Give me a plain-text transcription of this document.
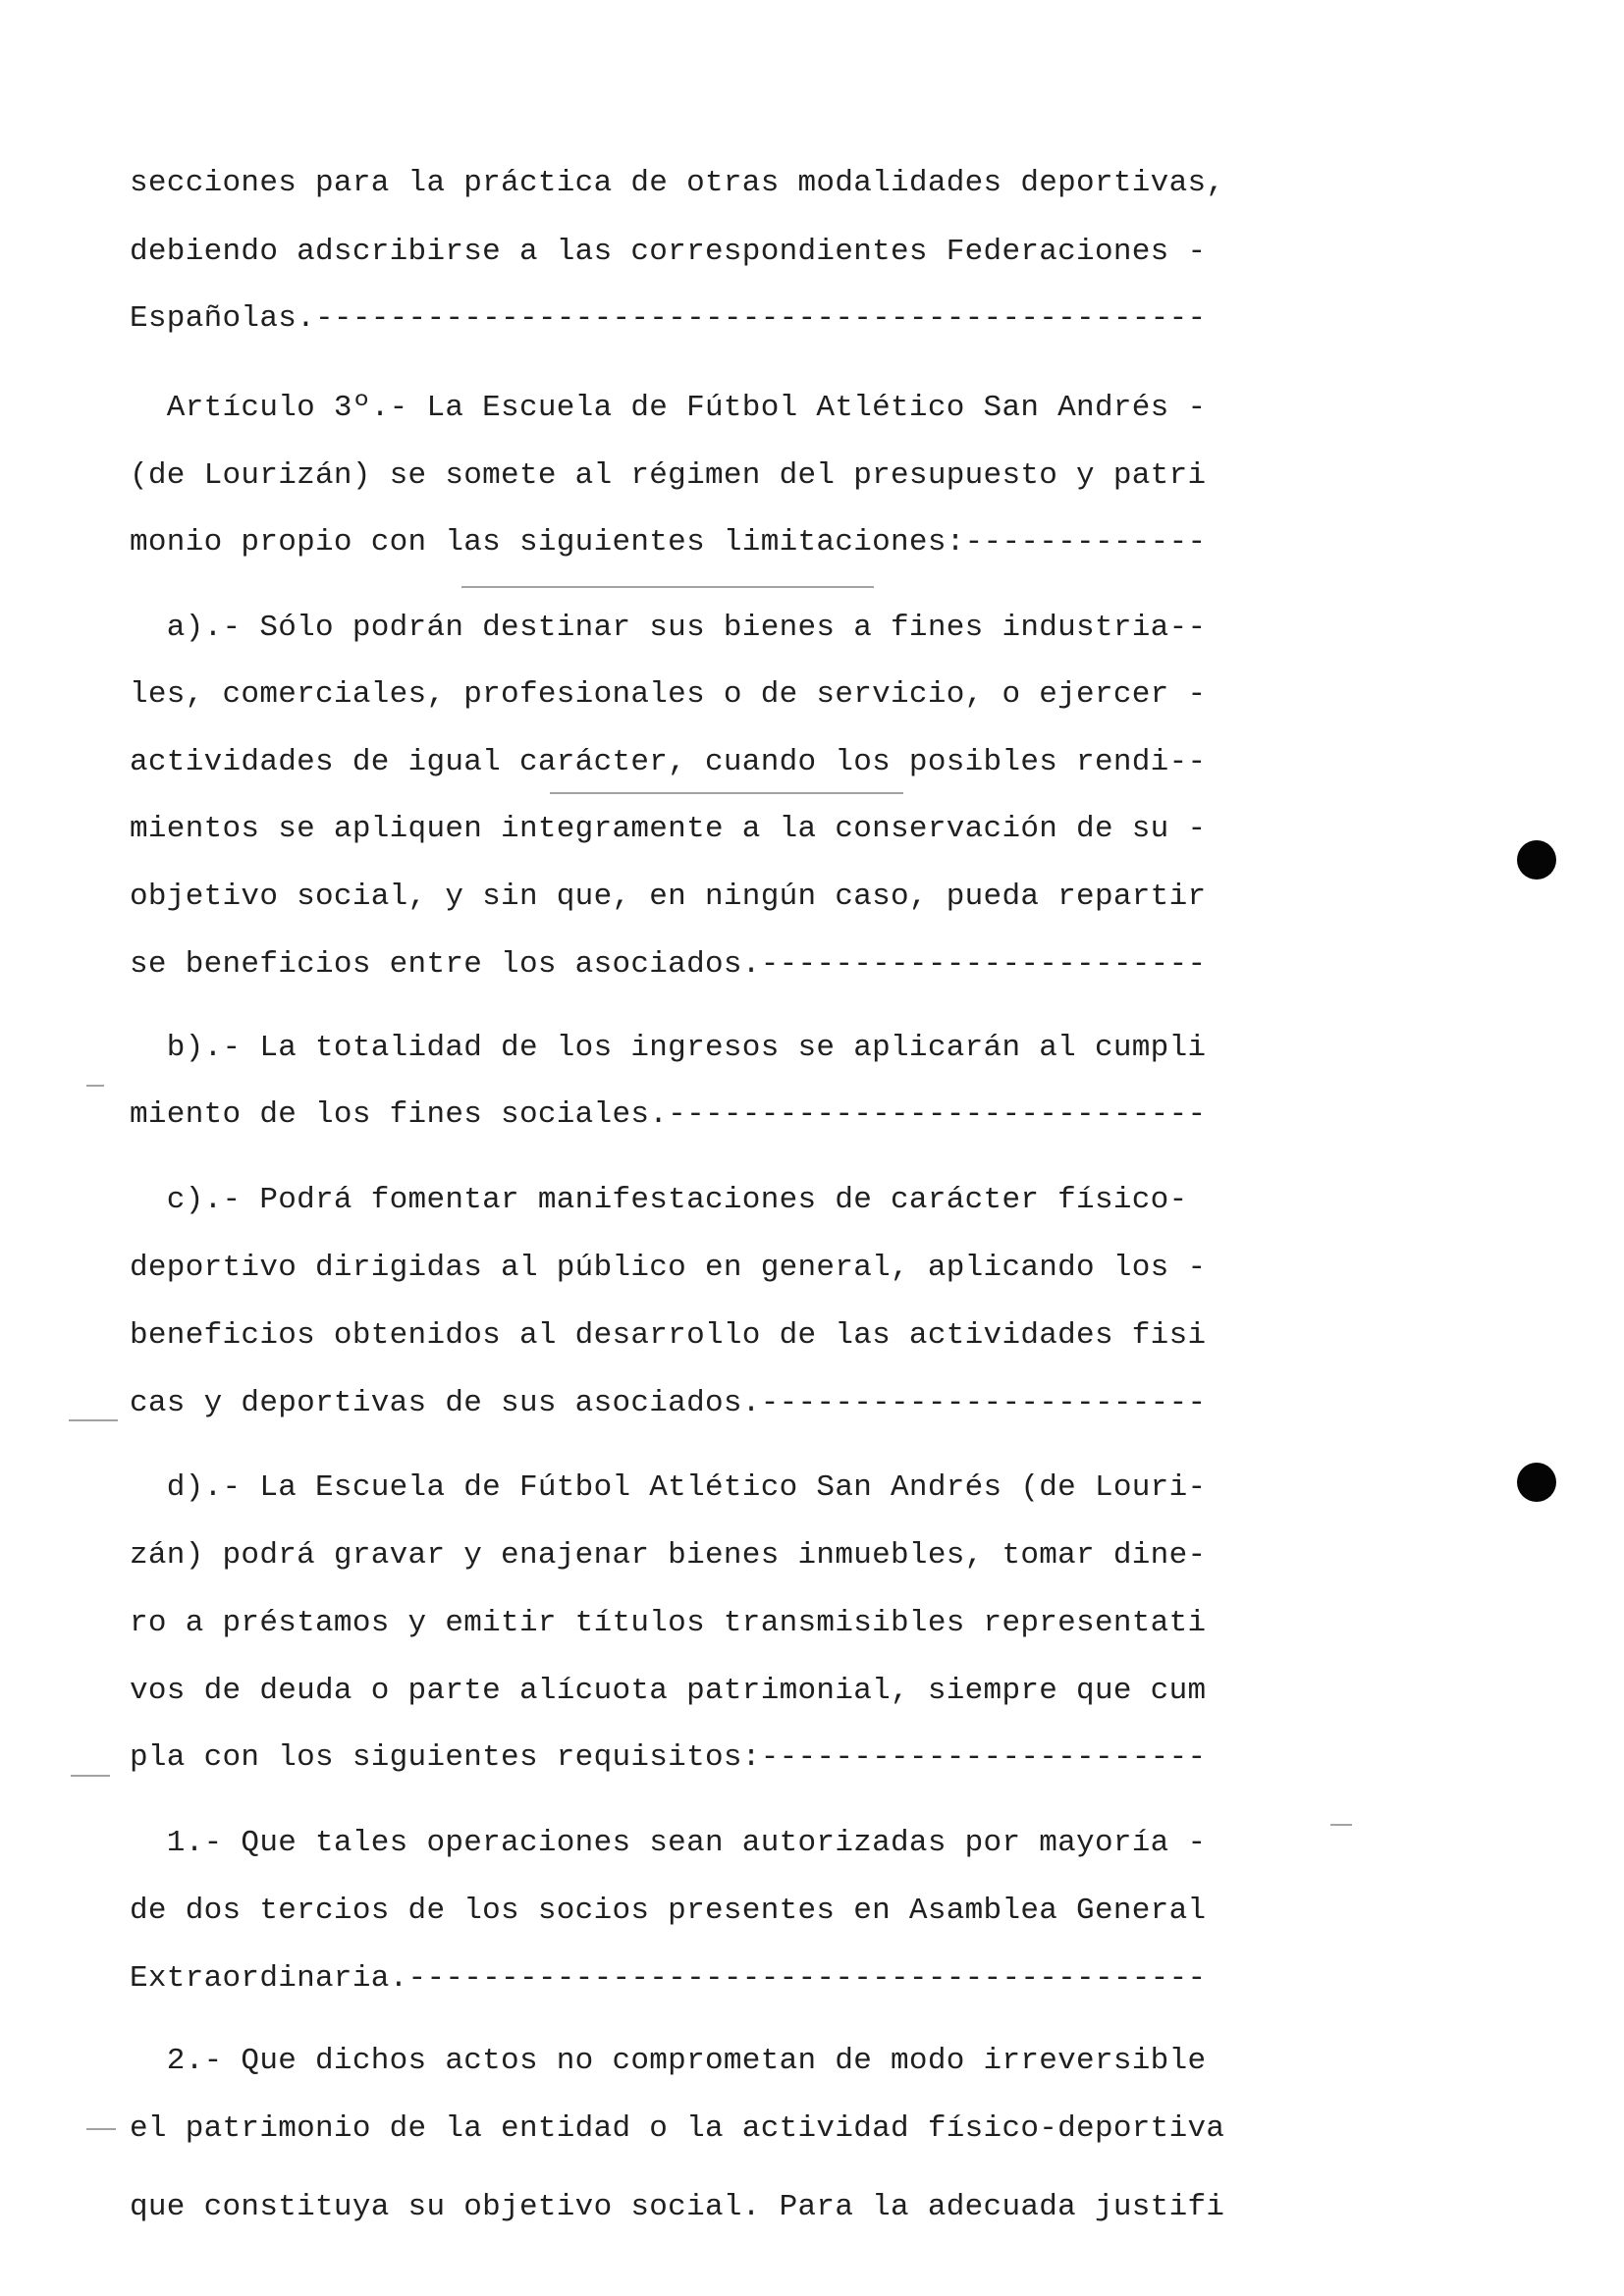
secciones para la práctica de otras modalidades deportivas,
debiendo adscribirse a las correspondientes Federaciones -
Españolas.------------------------------------------------
Artículo 3º.- La Escuela de Fútbol Atlético San Andrés -
(de Lourizán) se somete al régimen del presupuesto y patri
monio propio con las siguientes limitaciones:-------------
a).- Sólo podrán destinar sus bienes a fines industria--
les, comerciales, profesionales o de servicio, o ejercer -
actividades de igual carácter, cuando los posibles rendi--
mientos se apliquen integramente a la conservación de su -
objetivo social, y sin que, en ningún caso, pueda repartir
se beneficios entre los asociados.------------------------
b).- La totalidad de los ingresos se aplicarán al cumpli
miento de los fines sociales.-----------------------------
c).- Podrá fomentar manifestaciones de carácter físico-
deportivo dirigidas al público en general, aplicando los -
beneficios obtenidos al desarrollo de las actividades fisi
cas y deportivas de sus asociados.------------------------
d).- La Escuela de Fútbol Atlético San Andrés (de Louri-
zán) podrá gravar y enajenar bienes inmuebles, tomar dine-
ro a préstamos y emitir títulos transmisibles representati
vos de deuda o parte alícuota patrimonial, siempre que cum
pla con los siguientes requisitos:------------------------
1.- Que tales operaciones sean autorizadas por mayoría -
de dos tercios de los socios presentes en Asamblea General
Extraordinaria.-------------------------------------------
2.- Que dichos actos no comprometan de modo irreversible
el patrimonio de la entidad o la actividad físico-deportiva
que constituya su objetivo social. Para la adecuada justifi
